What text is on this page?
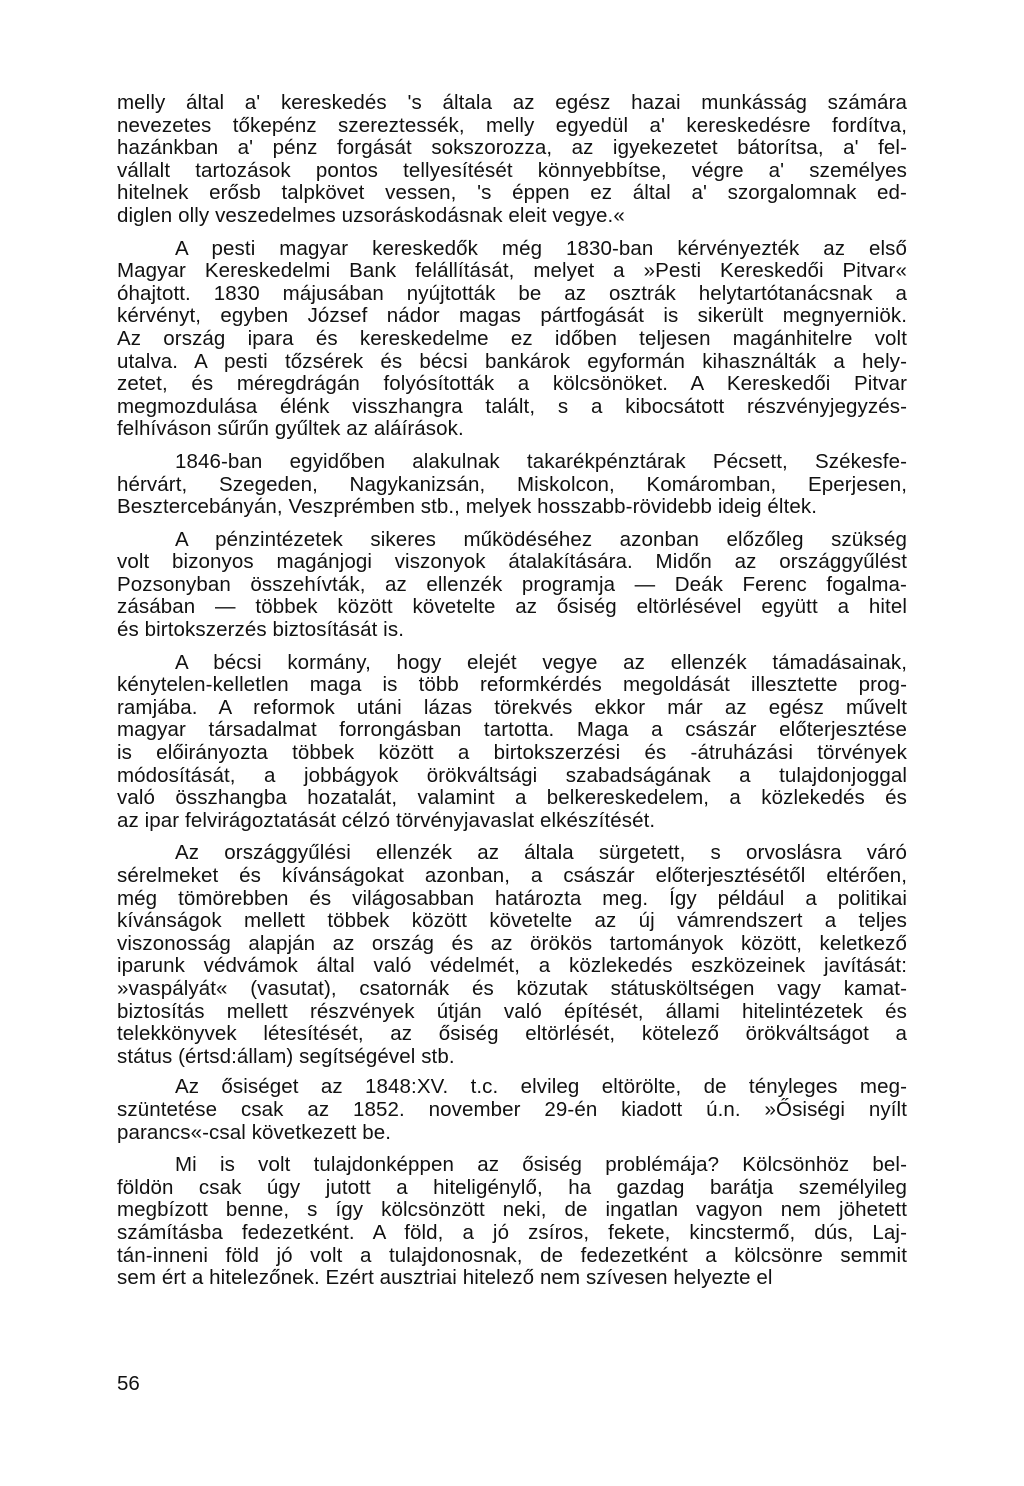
melly által a' kereskedés 's általa az egész hazai munkásság számára
nevezetes tőkepénz szereztessék, melly egyedül a' kereskedésre fordítva,
hazánkban a' pénz forgását sokszorozza, az igyekezetet bátorítsa, a' fel-
vállalt tartozások pontos tellyesítését könnyebbítse, végre a' személyes
hitelnek erősb talpkövet vessen, 's éppen ez által a' szorgalomnak ed-
diglen olly veszedelmes uzsoráskodásnak eleit vegye.«

A pesti magyar kereskedők még 1830-ban kérvényezték az első
Magyar Kereskedelmi Bank felállítását, melyet a »Pesti Kereskedői Pitvar«
óhajtott. 1830 májusában nyújtották be az osztrák helytartótanácsnak a
kérvényt, egyben József nádor magas pártfogását is sikerült megnyerniök.
Az ország ipara és kereskedelme ez időben teljesen magánhitelre volt
utalva. A pesti tőzsérek és bécsi bankárok egyformán kihasználták a hely-
zetet, és méregdrágán folyósították a kölcsönöket. A Kereskedői Pitvar
megmozdulása élénk visszhangra talált, s a kibocsátott részvényjegyzés-
felhíváson sűrűn gyűltek az aláírások.

1846-ban egyidőben alakulnak takarékpénztárak Pécsett, Székesfe-
hérvárt, Szegeden, Nagykanizsán, Miskolcon, Komáromban, Eperjesen,
Besztercebányán, Veszprémben stb., melyek hosszabb-rövidebb ideig éltek.

A pénzintézetek sikeres működéséhez azonban előzőleg szükség
volt bizonyos magánjogi viszonyok átalakítására. Midőn az országgyűlést
Pozsonyban összehívták, az ellenzék programja — Deák Ferenc fogalma-
zásában — többek között követelte az ősiség eltörlésével együtt a hitel
és birtokszerzés biztosítását is.

A bécsi kormány, hogy elejét vegye az ellenzék támadásainak,
kénytelen-kelletlen maga is több reformkérdés megoldását illesztette prog-
ramjába. A reformok utáni lázas törekvés ekkor már az egész művelt
magyar társadalmat forrongásban tartotta. Maga a császár előterjesztése
is előirányozta többek között a birtokszerzési és -átruházási törvények
módosítását, a jobbágyok örökváltsági szabadságának a tulajdonjoggal
való összhangba hozatalát, valamint a belkereskedelem, a közlekedés és
az ipar felvirágoztatását célzó törvényjavaslat elkészítését.

Az országgyűlési ellenzék az általa sürgetett, s orvoslásra váró
sérelmeket és kívánságokat azonban, a császár előterjesztésétől eltérően,
még tömörebben és világosabban határozta meg. Így például a politikai
kívánságok mellett többek között követelte az új vámrendszert a teljes
viszonosság alapján az ország és az örökös tartományok között, keletkező
iparunk védvámok által való védelmét, a közlekedés eszközeinek javítását:
»vaspályát« (vasutat), csatornák és közutak státusköltségen vagy kamat-
biztosítás mellett részvények útján való építését, állami hitelintézetek és
telekkönyvek létesítését, az ősiség eltörlését, kötelező örökváltságot a
státus (értsd:állam) segítségével stb.

Az ősiséget az 1848:XV. t.c. elvileg eltörölte, de tényleges meg-
szüntetése csak az 1852. november 29-én kiadott ú.n. »Ősiségi nyílt
parancs«-csal következett be.

Mi is volt tulajdonképpen az ősiség problémája? Kölcsönhöz bel-
földön csak úgy jutott a hiteligénylő, ha gazdag barátja személyileg
megbízott benne, s így kölcsönzött neki, de ingatlan vagyon nem jöhetett
számításba fedezetként. A föld, a jó zsíros, fekete, kincstermő, dús, Laj-
tán-inneni föld jó volt a tulajdonosnak, de fedezetként a kölcsönre semmit
sem ért a hitelezőnek. Ezért ausztriai hitelező nem szívesen helyezte el

56
